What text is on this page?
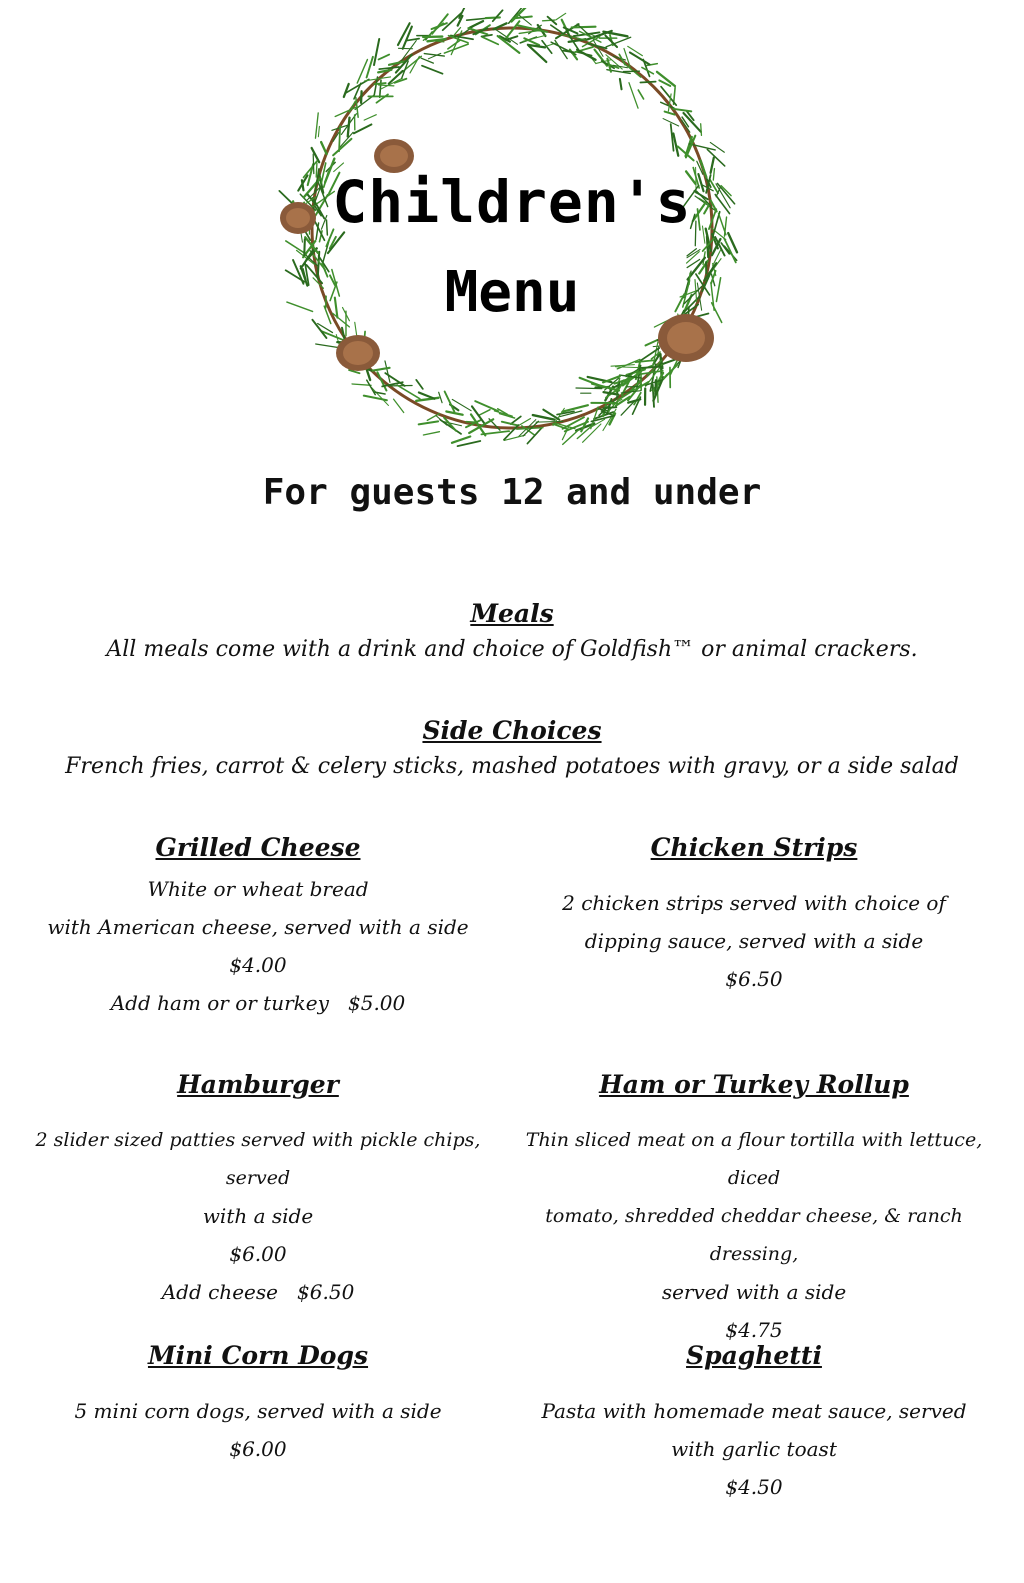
Children's
Menu
For guests 12 and under

Meals

All meals come with a drink and choice of Goldfish™ or animal crackers.

Side Choices

French fries, carrot & celery sticks, mashed potatoes with gravy, or a side salad

Grilled Cheese

White or wheat bread

with American cheese, served with a side

$4.00

Add ham or or turkey   $5.00

Chicken Strips

2 chicken strips served with choice of

dipping sauce, served with a side

$6.50

Hamburger

2 slider sized patties served with pickle chips, served

with a side

$6.00

Add cheese   $6.50

Ham or Turkey Rollup

Thin sliced meat on a flour tortilla with lettuce, diced

tomato, shredded cheddar cheese, & ranch dressing,

served with a side

$4.75

Mini Corn Dogs

5 mini corn dogs, served with a side

$6.00

Spaghetti

Pasta with homemade meat sauce, served

with garlic toast

$4.50
